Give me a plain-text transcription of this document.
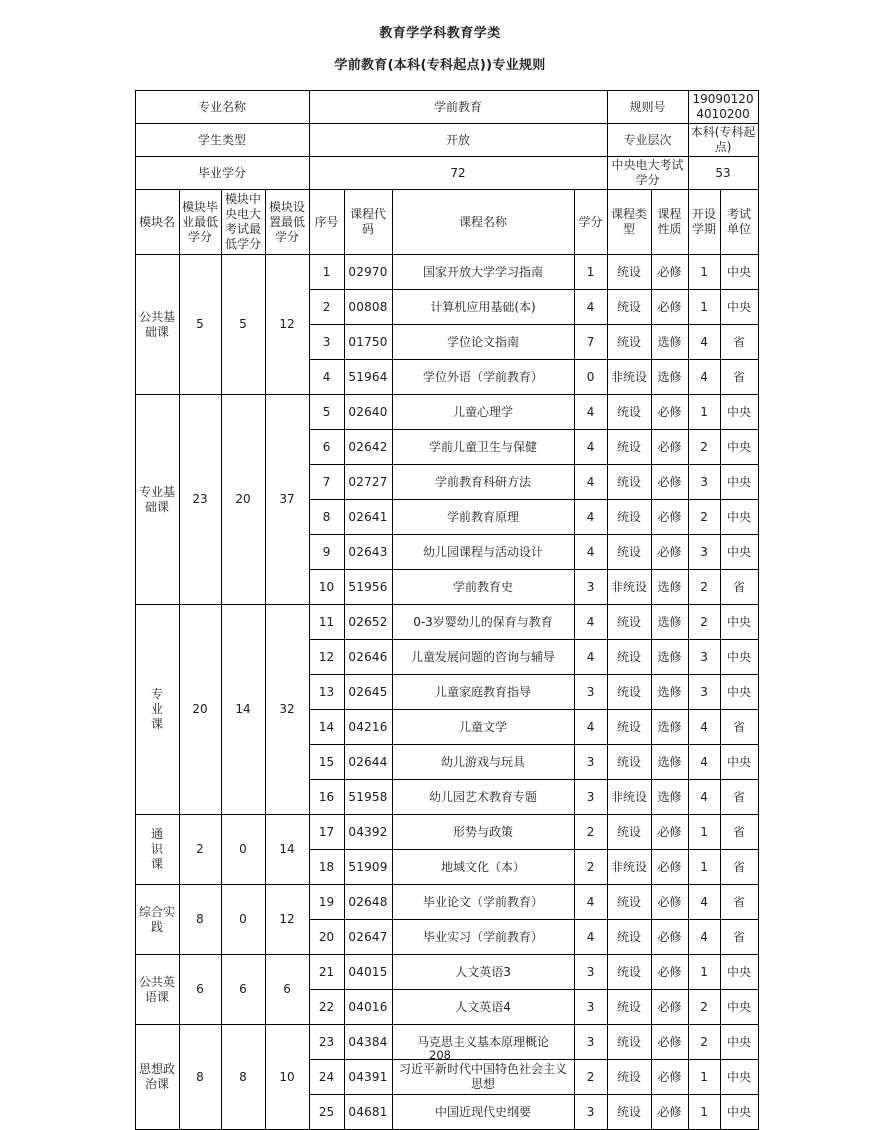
教育学学科教育学类
学前教育(本科(专科起点))专业规则
专业名称				学前教育				规则号		190901204010200	
学生类型				开放				专业层次		本科(专科起点)	
毕业学分				72				中央电大考试学分		53	
模块名	模块毕业最低学分	模块中央电大考试最低学分	模块设置最低学分	序号	课程代码	课程名称	学分	课程类型	课程性质	开设学期	考试单位
公共基础课	5	5	12	1	02970	国家开放大学学习指南	1	统设	必修	1	中央
				2	00808	计算机应用基础(本)	4	统设	必修	1	中央
				3	01750	学位论文指南	7	统设	选修	4	省
				4	51964	学位外语（学前教育）	0	非统设	选修	4	省
专业基础课	23	20	37	5	02640	儿童心理学	4	统设	必修	1	中央
				6	02642	学前儿童卫生与保健	4	统设	必修	2	中央
				7	02727	学前教育科研方法	4	统设	必修	3	中央
				8	02641	学前教育原理	4	统设	必修	2	中央
				9	02643	幼儿园课程与活动设计	4	统设	必修	3	中央
				10	51956	学前教育史	3	非统设	选修	2	省

专
业
课	20	14	32	11	02652	0-3岁婴幼儿的保育与教育	4	统设	选修	2	中央
				12	02646	儿童发展问题的咨询与辅导	4	统设	选修	3	中央
				13	02645	儿童家庭教育指导	3	统设	选修	3	中央
				14	04216	儿童文学	4	统设	选修	4	省
				15	02644	幼儿游戏与玩具	3	统设	选修	4	中央
				16	51958	幼儿园艺术教育专题	3	非统设	选修	4	省

通
识
课	2	0	14	17	04392	形势与政策	2	统设	必修	1	省
				18	51909	地域文化（本）	2	非统设	必修	1	省
综合实践	8	0	12	19	02648	毕业论文（学前教育）	4	统设	必修	4	省
				20	02647	毕业实习（学前教育）	4	统设	必修	4	省
公共英语课	6	6	6	21	04015	人文英语3	3	统设	必修	1	中央
				22	04016	人文英语4	3	统设	必修	2	中央
思想政治课	8	8	10	23	04384	马克思主义基本原理概论	3	统设	必修	2	中央
				24	04391	习近平新时代中国特色社会主义思想	2	统设	必修	1	中央
				25	04681	中国近现代史纲要	3	统设	必修	1	中央
208
